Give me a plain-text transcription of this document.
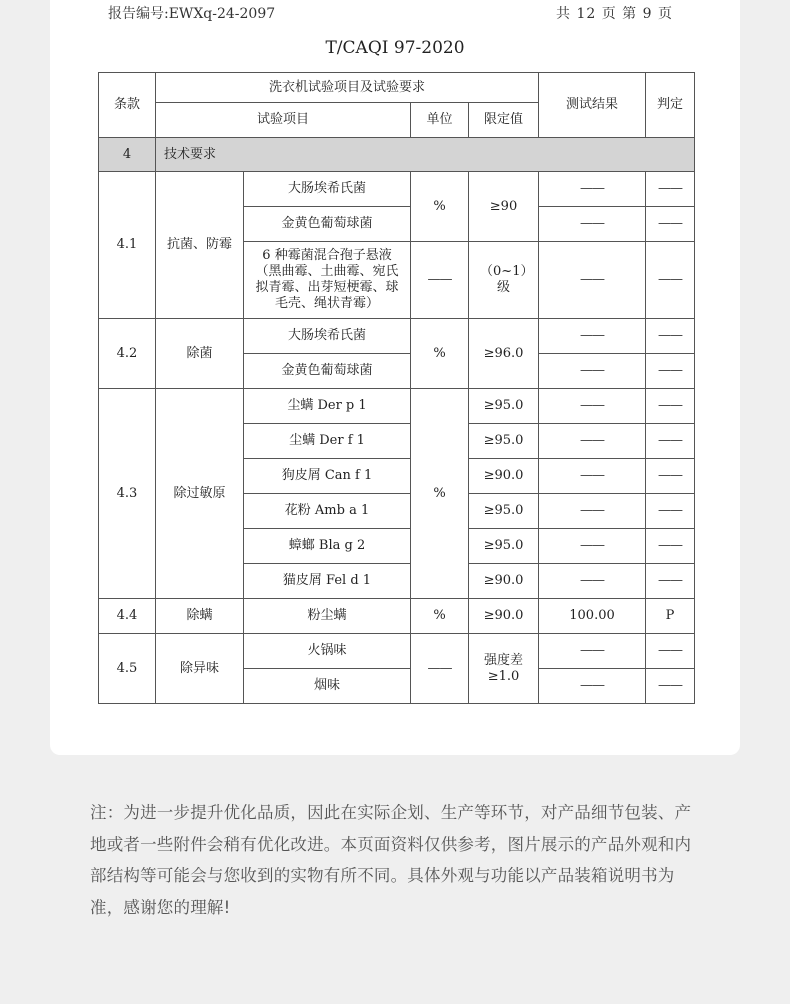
报告编号:EWXq-24-2097	共 12 页 第 9 页
T/CAQI 97-2020
条款	洗衣机试验项目及试验要求				测试结果	判定
	试验项目		单位	限定值		
4	技术要求					
4.1	抗菌、防霉	大肠埃希氏菌	%	≥90	——	——
		金黄色葡萄球菌			——	——
		6 种霉菌混合孢子悬液（黑曲霉、土曲霉、宛氏拟青霉、出芽短梗霉、球毛壳、绳状青霉）	——	（0~1）级	——	——
4.2	除菌	大肠埃希氏菌	%	≥96.0	——	——
		金黄色葡萄球菌			——	——
4.3	除过敏原	尘螨 Der p 1	%	≥95.0	——	——
		尘螨 Der f 1		≥95.0	——	——
		狗皮屑 Can f 1		≥90.0	——	——
		花粉 Amb a 1		≥95.0	——	——
		蟑螂 Bla g 2		≥95.0	——	——
		猫皮屑 Fel d 1		≥90.0	——	——
4.4	除螨	粉尘螨	%	≥90.0	100.00	P
4.5	除异味	火锅味	——	强度差≥1.0	——	——
		烟味			——	——
注：为进一步提升优化品质，因此在实际企划、生产等环节，对产品细节包装、产地或者一些附件会稍有优化改进。本页面资料仅供参考，图片展示的产品外观和内部结构等可能会与您收到的实物有所不同。具体外观与功能以产品装箱说明书为准，感谢您的理解!
